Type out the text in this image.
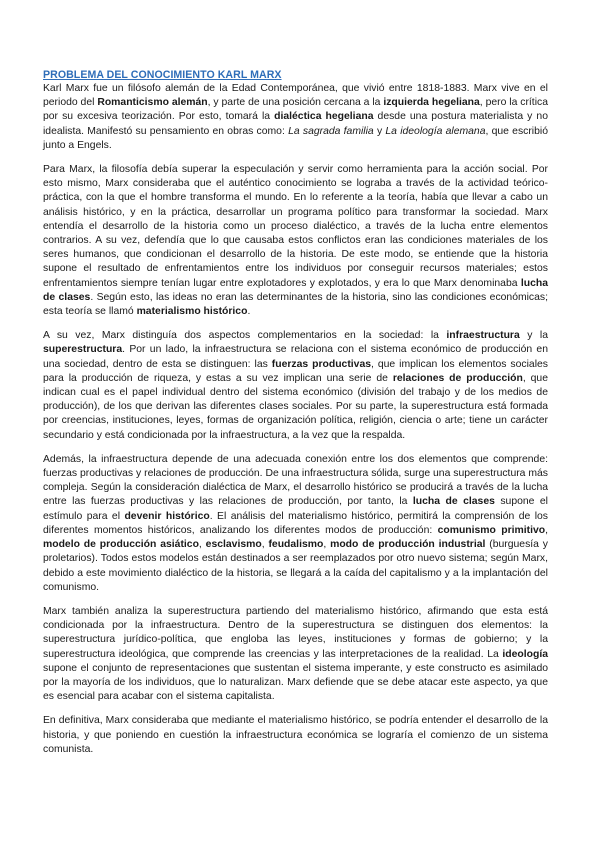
PROBLEMA DEL CONOCIMIENTO KARL MARX

Karl Marx fue un filósofo alemán de la Edad Contemporánea, que vivió entre 1818-1883. Marx vive en el periodo del Romanticismo alemán, y parte de una posición cercana a la izquierda hegeliana, pero la crítica por su excesiva teorización. Por esto, tomará la dialéctica hegeliana desde una postura materialista y no idealista. Manifestó su pensamiento en obras como: La sagrada familia y La ideología alemana, que escribió junto a Engels.

Para Marx, la filosofía debía superar la especulación y servir como herramienta para la acción social. Por esto mismo, Marx consideraba que el auténtico conocimiento se lograba a través de la actividad teórico-práctica, con la que el hombre transforma el mundo. En lo referente a la teoría, había que llevar a cabo un análisis histórico, y en la práctica, desarrollar un programa político para transformar la sociedad. Marx entendía el desarrollo de la historia como un proceso dialéctico, a través de la lucha entre elementos contrarios. A su vez, defendía que lo que causaba estos conflictos eran las condiciones materiales de los seres humanos, que condicionan el desarrollo de la historia. De este modo, se entiende que la historia supone el resultado de enfrentamientos entre los individuos por conseguir recursos materiales; estos enfrentamientos siempre tenían lugar entre explotadores y explotados, y era lo que Marx denominaba lucha de clases. Según esto, las ideas no eran las determinantes de la historia, sino las condiciones económicas; esta teoría se llamó materialismo histórico.

A su vez, Marx distinguía dos aspectos complementarios en la sociedad: la infraestructura y la superestructura. Por un lado, la infraestructura se relaciona con el sistema económico de producción en una sociedad, dentro de esta se distinguen: las fuerzas productivas, que implican los elementos sociales para la producción de riqueza, y estas a su vez implican una serie de relaciones de producción, que indican cual es el papel individual dentro del sistema económico (división del trabajo y de los medios de producción), de los que derivan las diferentes clases sociales. Por su parte, la superestructura está formada por creencias, instituciones, leyes, formas de organización política, religión, ciencia o arte; tiene un carácter secundario y está condicionada por la infraestructura, a la vez que la respalda.

Además, la infraestructura depende de una adecuada conexión entre los dos elementos que comprende: fuerzas productivas y relaciones de producción. De una infraestructura sólida, surge una superestructura más compleja. Según la consideración dialéctica de Marx, el desarrollo histórico se producirá a través de la lucha entre las fuerzas productivas y las relaciones de producción, por tanto, la lucha de clases supone el estímulo para el devenir histórico. El análisis del materialismo histórico, permitirá la comprensión de los diferentes momentos históricos, analizando los diferentes modos de producción: comunismo primitivo, modelo de producción asiático, esclavismo, feudalismo, modo de producción industrial (burguesía y proletarios). Todos estos modelos están destinados a ser reemplazados por otro nuevo sistema; según Marx, debido a este movimiento dialéctico de la historia, se llegará a la caída del capitalismo y a la implantación del comunismo.

Marx también analiza la superestructura partiendo del materialismo histórico, afirmando que esta está condicionada por la infraestructura. Dentro de la superestructura se distinguen dos elementos: la superestructura jurídico-política, que engloba las leyes, instituciones y formas de gobierno; y la superestructura ideológica, que comprende las creencias y las interpretaciones de la realidad. La ideología supone el conjunto de representaciones que sustentan el sistema imperante, y este constructo es asimilado por la mayoría de los individuos, que lo naturalizan. Marx defiende que se debe atacar este aspecto, ya que es esencial para acabar con el sistema capitalista.

En definitiva, Marx consideraba que mediante el materialismo histórico, se podría entender el desarrollo de la historia, y que poniendo en cuestión la infraestructura económica se lograría el comienzo de un sistema comunista.
